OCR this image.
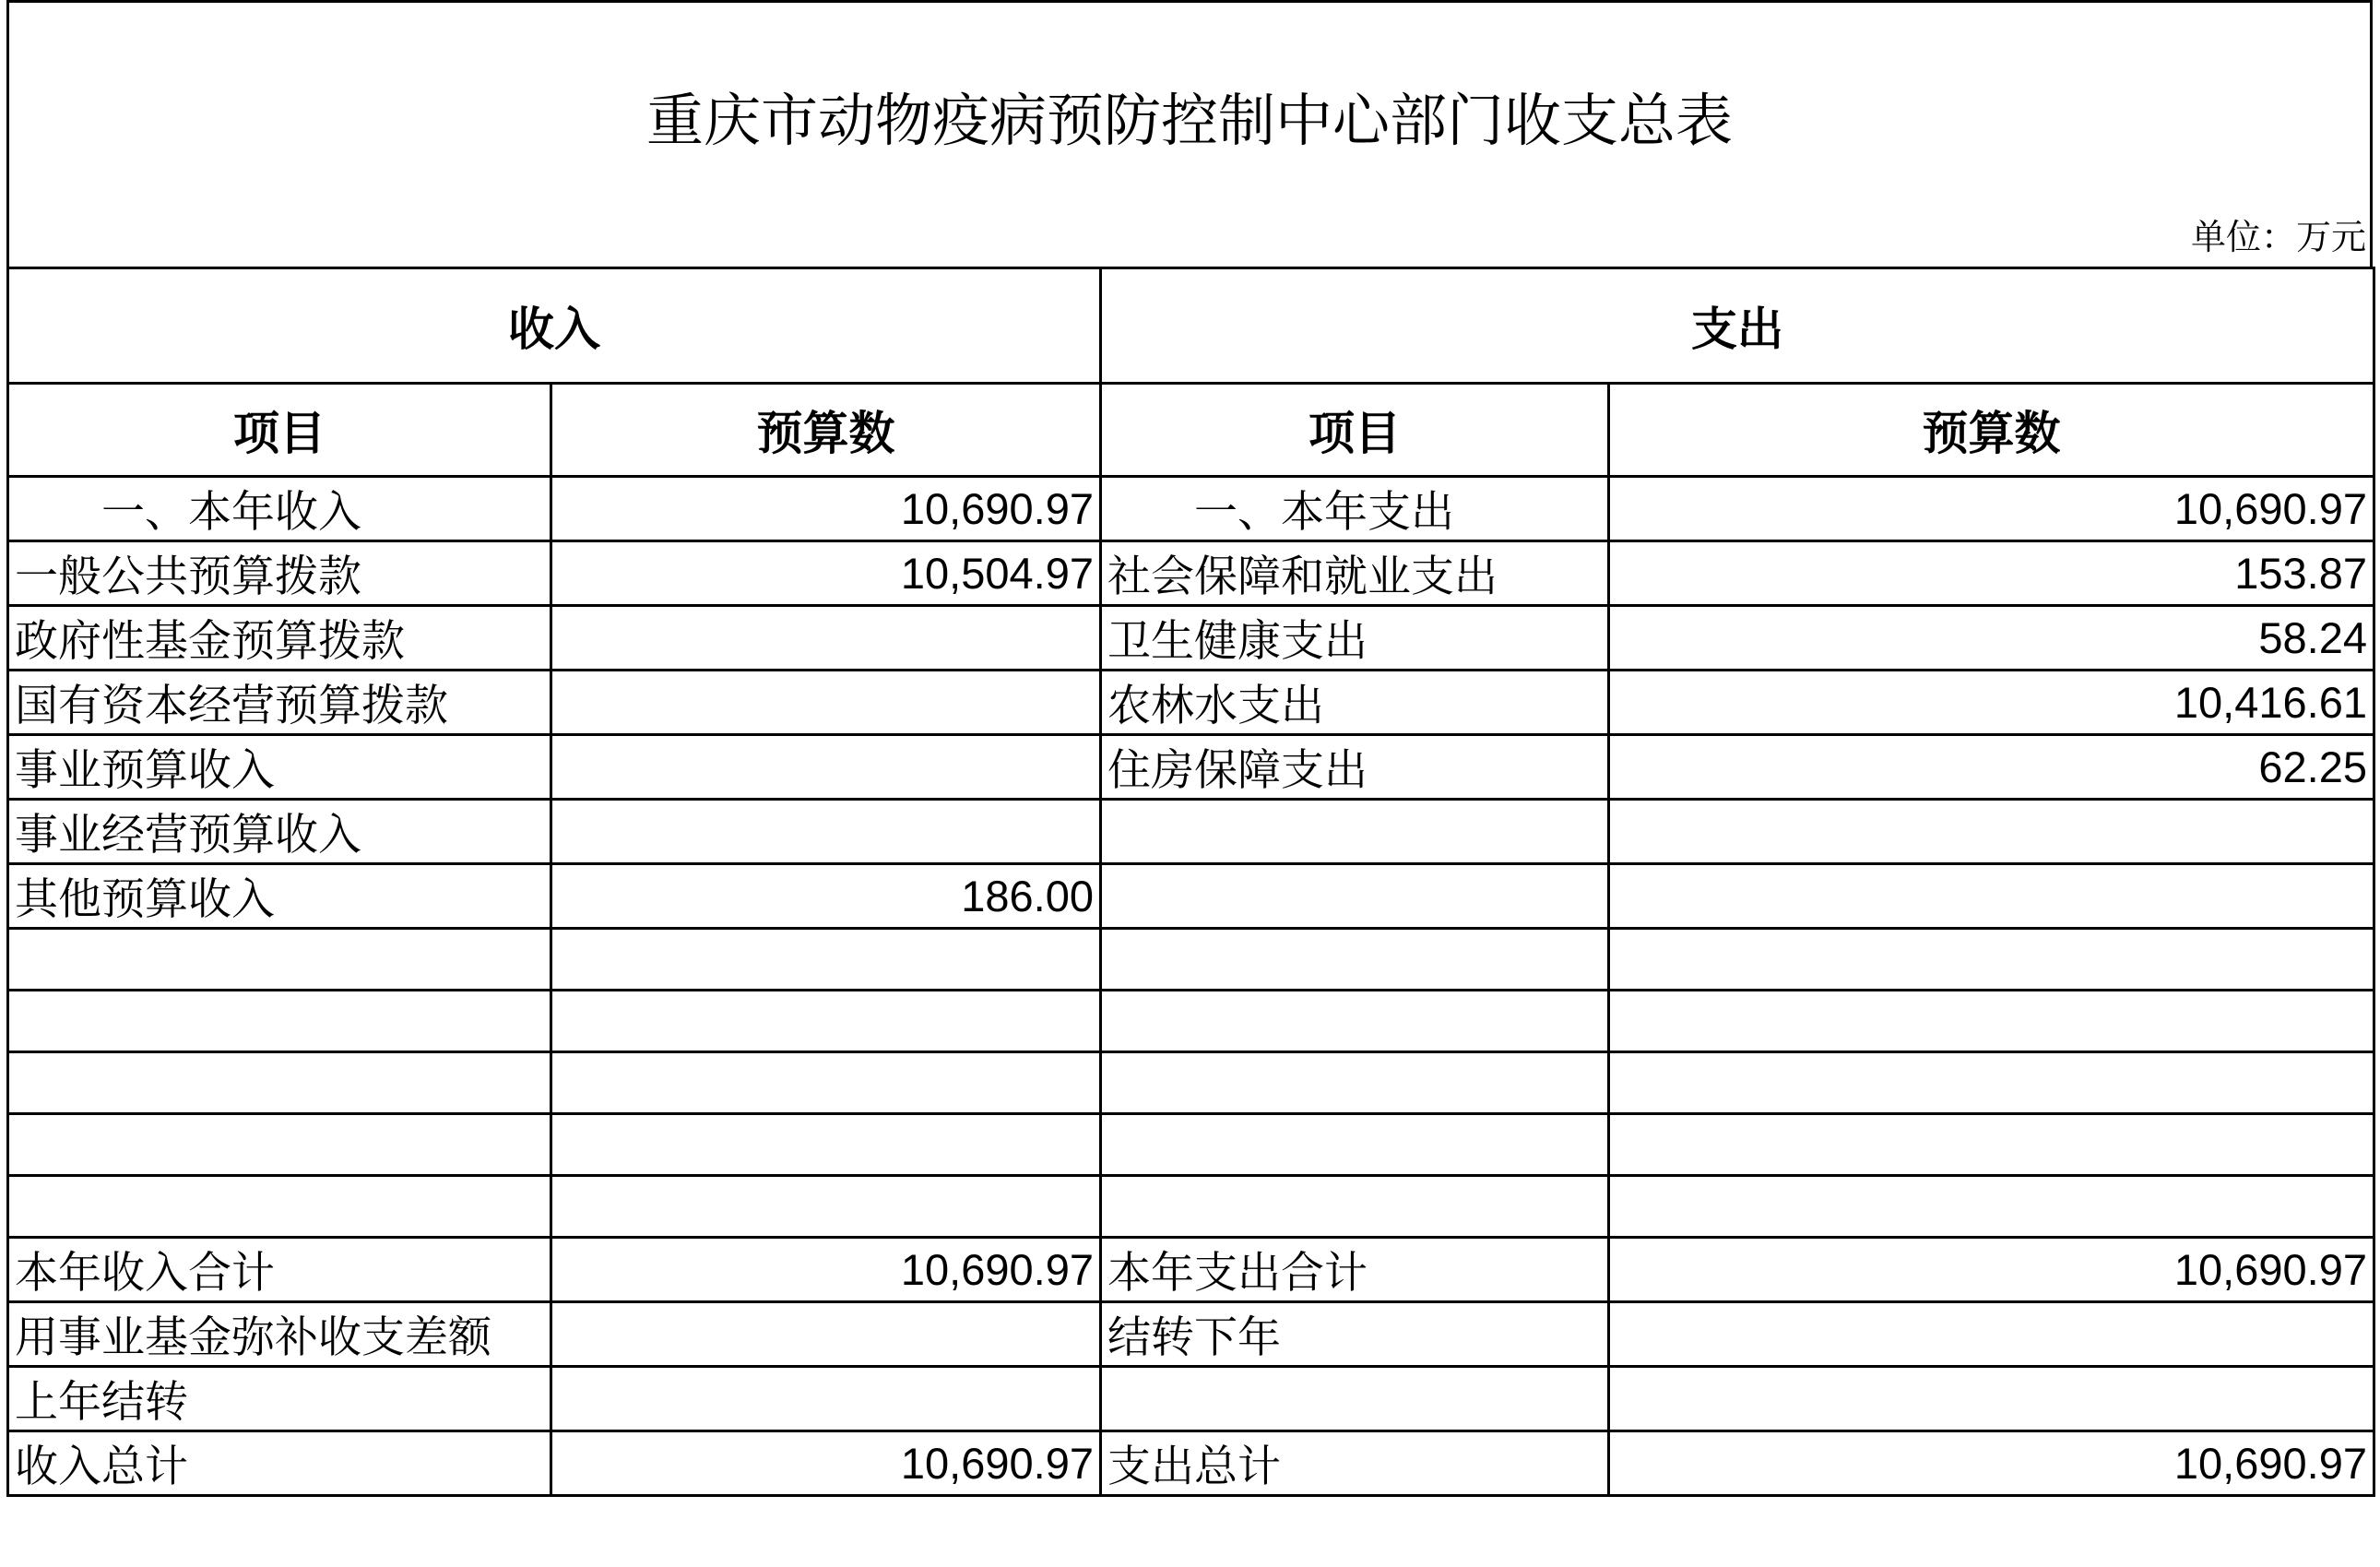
重庆市动物疫病预防控制中心部门收支总表
单位：万元
收入		支出	
项目	预算数	项目	预算数
一、本年收入	10,690.97	一、本年支出	10,690.97
一般公共预算拨款	10,504.97	社会保障和就业支出	153.87
政府性基金预算拨款		卫生健康支出	58.24
国有资本经营预算拨款		农林水支出	10,416.61
事业预算收入		住房保障支出	62.25
事业经营预算收入			
其他预算收入	186.00		

本年收入合计	10,690.97	本年支出合计	10,690.97
用事业基金弥补收支差额		结转下年	
上年结转			
收入总计	10,690.97	支出总计	10,690.97
